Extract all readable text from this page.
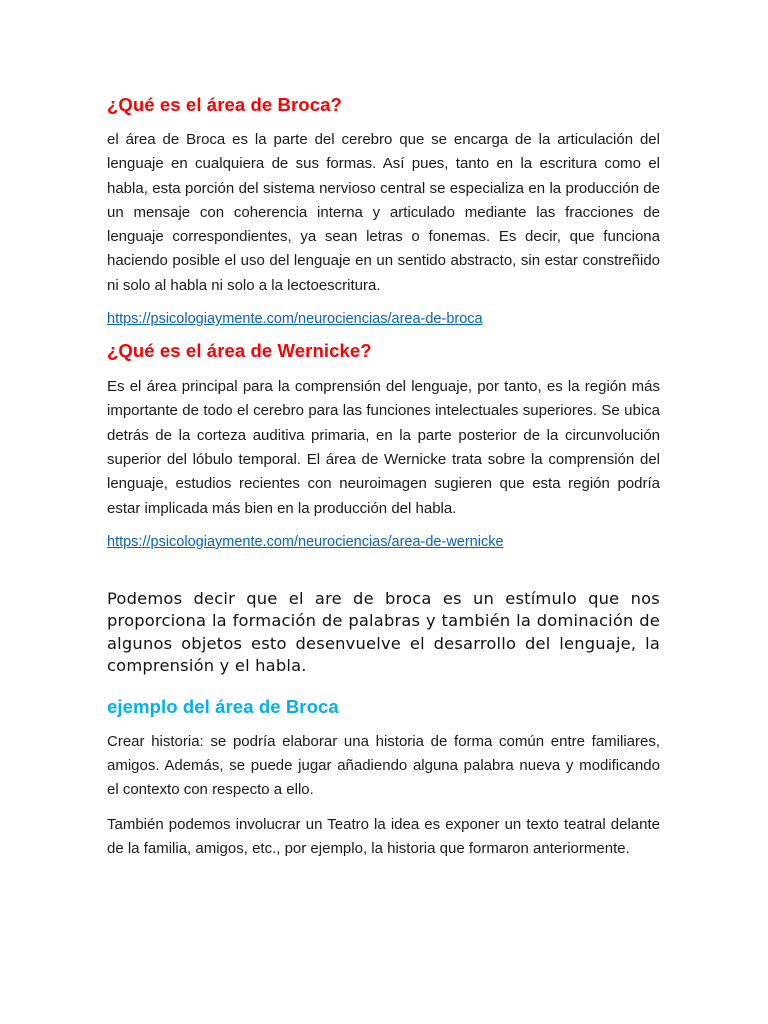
¿Qué es el área de Broca?

el área de Broca es la parte del cerebro que se encarga de la articulación del lenguaje en cualquiera de sus formas. Así pues, tanto en la escritura como el habla, esta porción del sistema nervioso central se especializa en la producción de un mensaje con coherencia interna y articulado mediante las fracciones de lenguaje correspondientes, ya sean letras o fonemas. Es decir, que funciona haciendo posible el uso del lenguaje en un sentido abstracto, sin estar constreñido ni solo al habla ni solo a la lectoescritura.

https://psicologiaymente.com/neurociencias/area-de-broca
¿Qué es el área de Wernicke?

Es el área principal para la comprensión del lenguaje, por tanto, es la región más importante de todo el cerebro para las funciones intelectuales superiores. Se ubica detrás de la corteza auditiva primaria, en la parte posterior de la circunvolución superior del lóbulo temporal. El área de Wernicke trata sobre la comprensión del lenguaje, estudios recientes con neuroimagen sugieren que esta región podría estar implicada más bien en la producción del habla.

https://psicologiaymente.com/neurociencias/area-de-wernicke

Podemos decir que el are de broca es un estímulo que nos proporciona la formación de palabras y también la dominación de algunos objetos esto desenvuelve el desarrollo del lenguaje, la comprensión y el habla.

ejemplo del área de Broca

Crear historia: se podría elaborar una historia de forma común entre familiares, amigos. Además, se puede jugar añadiendo alguna palabra nueva y modificando el contexto con respecto a ello.

También podemos involucrar un Teatro la idea es exponer un texto teatral delante de la familia, amigos, etc., por ejemplo, la historia que formaron anteriormente.
